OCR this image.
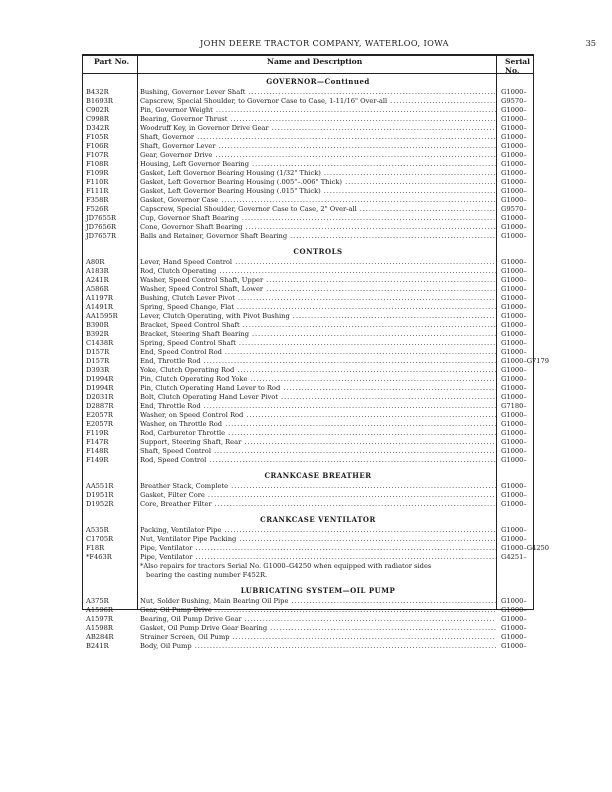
JOHN DEERE TRACTOR COMPANY, WATERLOO, IOWA	35
Part No.	Name and Description	Serial No.
GOVERNOR—Continued
B432R	Bushing, Governor Lever Shaft .....	G1000–
B1693R	Capscrew, Special Shoulder, to Governor Case to Case, 1-11/16" Over-all .....	G9570–
C902R	Pin, Governor Weight .....	G1000–
C998R	Bearing, Governor Thrust .....	G1000–
D342R	Woodruff Key, in Governor Drive Gear .....	G1000–
F105R	Shaft, Governor .....	G1000–
F106R	Shaft, Governor Lever .....	G1000–
F107R	Gear, Governor Drive .....	G1000–
F108R	Housing, Left Governor Bearing .....	G1000–
F109R	Gasket, Left Governor Bearing Housing (1/32" Thick) .....	G1000–
F110R	Gasket, Left Governor Bearing Housing (.005"–.006" Thick) .....	G1000–
F111R	Gasket, Left Governor Bearing Housing (.015" Thick) .....	G1000–
F358R	Gasket, Governor Case .....	G1000–
F526R	Capscrew, Special Shoulder, Governor Case to Case, 2" Over-all .....	G9570–
JD7655R	Cup, Governor Shaft Bearing .....	G1000–
JD7656R	Cone, Governor Shaft Bearing .....	G1000–
JD7657R	Balls and Retainer, Governor Shaft Bearing .....	G1000–
CONTROLS
A80R	Lever, Hand Speed Control .....	G1000–
A183R	Rod, Clutch Operating .....	G1000–
A241R	Washer, Speed Control Shaft, Upper .....	G1000–
A586R	Washer, Speed Control Shaft, Lower .....	G1000–
A1197R	Bushing, Clutch Lever Pivot .....	G1000–
A1491R	Spring, Speed Change, Flat .....	G1000–
AA1595R	Lever, Clutch Operating, with Pivot Bushing .....	G1000–
B390R	Bracket, Speed Control Shaft .....	G1000–
B392R	Bracket, Steering Shaft Bearing .....	G1000–
C1438R	Spring, Speed Control Shaft .....	G1000–
D157R	End, Speed Control Rod .....	G1000–
D157R	End, Throttle Rod .....	G1000–G7179
D393R	Yoke, Clutch Operating Rod .....	G1000–
D1994R	Pin, Clutch Operating Rod Yoke .....	G1000–
D1994R	Pin, Clutch Operating Hand Lever to Rod .....	G1000–
D2031R	Bolt, Clutch Operating Hand Lever Pivot .....	G1000–
D2887R	End, Throttle Rod .....	G7180–
E2057R	Washer, on Speed Control Rod .....	G1000–
E2057R	Washer, on Throttle Rod .....	G1000–
F119R	Rod, Carburetor Throttle .....	G1000–
F147R	Support, Steering Shaft, Rear .....	G1000–
F148R	Shaft, Speed Control .....	G1000–
F149R	Rod, Speed Control .....	G1000–
CRANKCASE BREATHER
AA551R	Breather Stack, Complete .....	G1000–
D1951R	Gasket, Filter Core .....	G1000–
D1952R	Core, Breather Filter .....	G1000–
CRANKCASE VENTILATOR
A535R	Packing, Ventilator Pipe .....	G1000–
C1705R	Nut, Ventilator Pipe Packing .....	G1000–
F18R	Pipe, Ventilator .....	G1000–G4250
*F463R	Pipe, Ventilator .....	G4251–
*Also repairs for tractors Serial No. G1000–G4250 when equipped with radiator sides
bearing the casting number F452R.
LUBRICATING SYSTEM—OIL PUMP
A375R	Nut, Solder Bushing, Main Bearing Oil Pipe .....	G1000–
A1596R	Gear, Oil Pump Drive .....	G1000–
A1597R	Bearing, Oil Pump Drive Gear .....	G1000–
A1598R	Gasket, Oil Pump Drive Gear Bearing .....	G1000–
AB284R	Strainer Screen, Oil Pump .....	G1000–
B241R	Body, Oil Pump .....	G1000–
